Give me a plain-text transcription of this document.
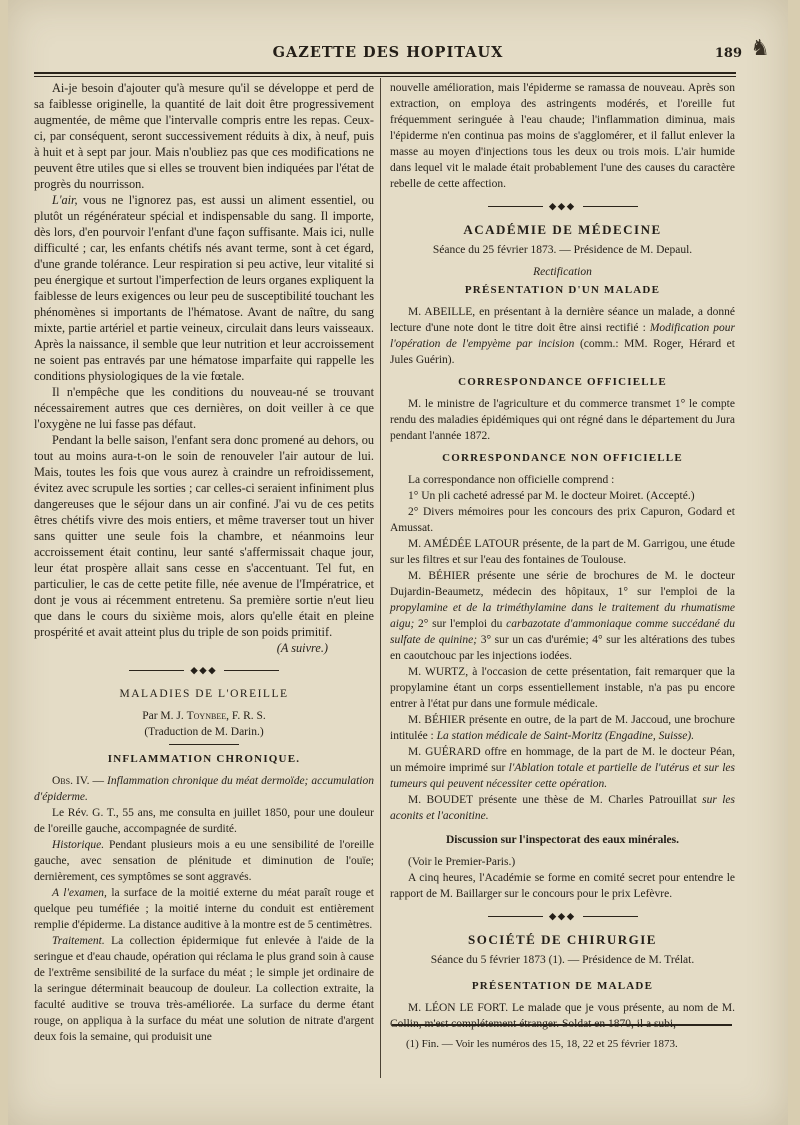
GAZETTE DES HOPITAUX	189 ♞

Ai-je besoin d'ajouter qu'à mesure qu'il se développe et perd de sa faiblesse originelle, la quantité de lait doit être progressivement augmentée, de même que l'intervalle compris entre les repas. Ceux-ci, par conséquent, seront successivement réduits à dix, à neuf, puis à huit et à sept par jour. Mais n'oubliez pas que ces modifications ne peuvent être utiles que si elles se trouvent bien indiquées par l'état de progrès du nourrisson.

L'air, vous ne l'ignorez pas, est aussi un aliment essentiel, ou plutôt un régénérateur spécial et indispensable du sang. Il importe, dès lors, d'en pourvoir l'enfant d'une façon suffisante. Mais ici, nulle difficulté ; car, les enfants chétifs nés avant terme, sont à cet égard, d'une grande tolérance. Leur respiration si peu active, leur vitalité si peu énergique et surtout l'imperfection de leurs organes expliquent la faiblesse de leurs exigences ou leur peu de susceptibilité touchant les phénomènes si importants de l'hématose. Avant de naître, du sang mixte, partie artériel et partie veineux, circulait dans leurs vaisseaux. Après la naissance, il semble que leur nutrition et leur accroissement ne soient pas entravés par une hématose imparfaite qui rappelle les conditions physiologiques de la vie fœtale.

Il n'empêche que les conditions du nouveau-né se trouvant nécessairement autres que ces dernières, on doit veiller à ce que l'oxygène ne lui fasse pas défaut.

Pendant la belle saison, l'enfant sera donc promené au dehors, ou tout au moins aura-t-on le soin de renouveler l'air autour de lui. Mais, toutes les fois que vous aurez à craindre un refroidissement, évitez avec scrupule les sorties ; car celles-ci seraient infiniment plus dangereuses que le séjour dans un air confiné. J'ai vu de ces petits êtres chétifs vivre des mois entiers, et même traverser tout un hiver sans quitter une seule fois la chambre, et néanmoins leur accroissement était continu, leur santé s'affermissait chaque jour, leur état prospère allait sans cesse en s'accentuant. Tel fut, en particulier, le cas de cette petite fille, née avenue de l'Impératrice, et dont je vous ai récemment entretenu. Sa première sortie n'eut lieu que dans le cours du sixième mois, alors qu'elle était en pleine prospérité et avait atteint plus du triple de son poids primitif.

(A suivre.)

◆◆◆
MALADIES DE L'OREILLE

Par M. J. Toynbee, F. R. S.

(Traduction de M. Darin.)

INFLAMMATION CHRONIQUE.

Obs. IV. — Inflammation chronique du méat dermoïde; accumulation d'épiderme.

Le Rév. G. T., 55 ans, me consulta en juillet 1850, pour une douleur de l'oreille gauche, accompagnée de surdité.

Historique. Pendant plusieurs mois a eu une sensibilité de l'oreille gauche, avec sensation de plénitude et diminution de l'ouïe; dernièrement, ces symptômes se sont aggravés.

A l'examen, la surface de la moitié externe du méat paraît rouge et quelque peu tuméfiée ; la moitié interne du conduit est entièrement remplie d'épiderme. La distance auditive à la montre est de 5 centimètres.

Traitement. La collection épidermique fut enlevée à l'aide de la seringue et d'eau chaude, opération qui réclama le plus grand soin à cause de l'extrême sensibilité de la surface du méat ; le simple jet ordinaire de la seringue déterminait beaucoup de douleur. La collection extraite, la faculté auditive se trouva très-améliorée. La surface du derme étant rouge, on appliqua à la surface du méat une solution de nitrate d'argent deux fois la semaine, qui produisit une

nouvelle amélioration, mais l'épiderme se ramassa de nouveau. Après son extraction, on employa des astringents modérés, et l'oreille fut fréquemment seringuée à l'eau chaude; l'inflammation diminua, mais l'épiderme n'en continua pas moins de s'agglomérer, et il fallut enlever la masse au moyen d'injections tous les deux ou trois mois. L'air humide dans lequel vit le malade était probablement l'une des causes du caractère rebelle de cette affection.

◆◆◆
ACADÉMIE DE MÉDECINE

Séance du 25 février 1873. — Présidence de M. Depaul.

Rectification

PRÉSENTATION D'UN MALADE

M. ABEILLE, en présentant à la dernière séance un malade, a donné lecture d'une note dont le titre doit être ainsi rectifié : Modification pour l'opération de l'empyème par incision (comm.: MM. Roger, Hérard et Jules Guérin).

CORRESPONDANCE OFFICIELLE

M. le ministre de l'agriculture et du commerce transmet 1° le compte rendu des maladies épidémiques qui ont régné dans le département du Jura pendant l'année 1872.

CORRESPONDANCE NON OFFICIELLE

La correspondance non officielle comprend :

1° Un pli cacheté adressé par M. le docteur Moiret. (Accepté.)

2° Divers mémoires pour les concours des prix Capuron, Godard et Amussat.

M. AMÉDÉE LATOUR présente, de la part de M. Garrigou, une étude sur les filtres et sur l'eau des fontaines de Toulouse.

M. BÉHIER présente une série de brochures de M. le docteur Dujardin-Beaumetz, médecin des hôpitaux, 1° sur l'emploi de la propylamine et de la triméthylamine dans le traitement du rhumatisme aigu; 2° sur l'emploi du carbazotate d'ammoniaque comme succédané du sulfate de quinine; 3° sur un cas d'urémie; 4° sur les altérations des tubes en caoutchouc par les injections iodées.

M. WURTZ, à l'occasion de cette présentation, fait remarquer que la propylamine étant un corps essentiellement instable, n'a pas pu encore entrer à l'état pur dans une formule médicale.

M. BÉHIER présente en outre, de la part de M. Jaccoud, une brochure intitulée : La station médicale de Saint-Moritz (Engadine, Suisse).

M. GUÉRARD offre en hommage, de la part de M. le docteur Péan, un mémoire imprimé sur l'Ablation totale et partielle de l'utérus et sur les tumeurs qui peuvent nécessiter cette opération.

M. BOUDET présente une thèse de M. Charles Patrouillat sur les aconits et l'aconitine.

Discussion sur l'inspectorat des eaux minérales.

(Voir le Premier-Paris.)

A cinq heures, l'Académie se forme en comité secret pour entendre le rapport de M. Baillarger sur le concours pour le prix Lefèvre.

◆◆◆
SOCIÉTÉ DE CHIRURGIE

Séance du 5 février 1873 (1). — Présidence de M. Trélat.

PRÉSENTATION DE MALADE

M. LÉON LE FORT. Le malade que je vous présente, au nom de M. Collin, m'est complétement étranger. Soldat en 1870, il a subi,

(1) Fin. — Voir les numéros des 15, 18, 22 et 25 février 1873.
